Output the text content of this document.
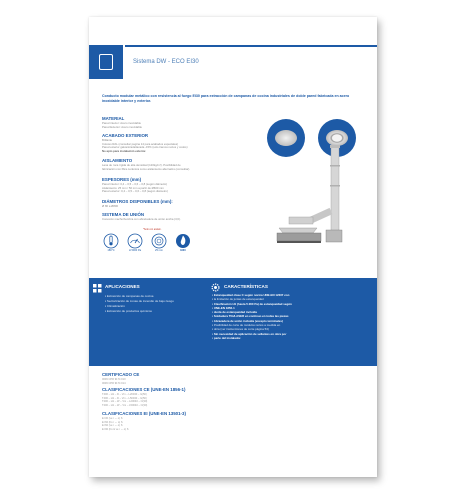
Sistema DW - ECO EI30
Conducto modular metálico con resistencia al fuego EI30 para extracción de campanas de cocina industriales de doble pared fabricada en acero inoxidable interior y exterior.
MATERIAL
Pared interior: Acero inoxidable
Pared Exterior: Acero inoxidable
ACABADO EXTERIOR
Brillante
Colores RAL (consultar pagina 14 para acabados especiales)
Pared exterior galvanizada/lacada -15% (solo tramos rectos y codos)
No apto para instalación exterior.
AISLAMIENTO
Lana de roca rígida de alta densidad (120kg/m³). Posibilidad de
fabricación con fibra cerámica como aislamiento alternativo (consultar).
ESPESORES (mm)
Pared interior: 0,4 – 0,5 – 0,6 – 0,8 (según diámetro)
Aislamiento: 25 mm / 50 mm a partir de Ø600 mm
Pared exterior: 0,4 – 0,5 – 0,6 – 0,8 (según diámetro)
DIÁMETROS DISPONIBLES (mm):
Ø 80 a Ø800
SISTEMA DE UNIÓN
Conexión macho/hembra con abrazadera de unión ancha (3,6).
*Solo con aislam.
180°C	H 5000 Pa	25 mm	EI30
APLICACIONES
▪ Extracción de campanas de cocina
▪ Sectorización de zonas de incendio de bajo riesgo
▪ Climatización
▪ Extracción de productos químicos
CARACTERÍSTICAS
▪ Estanqueidad clase C según norma UNE-EN 12237 con
▪ la limitación de juntas de estanqueidad
▪ Clasificación H1 (hasta 5.000 Pa) de estanqueidad según
▪ UNE-EN 1856-1
▪ Junta de estanqueidad incluida
▪ Soldadura TIG/LASER en continuo en todas las piezas
▪ Abrazadera de unión incluida (excepto terminales)
▪ Posibilidad de corte de módulos rectos a medida en
▪ obra (ver instrucciones de corte página 53)
▪ Sin necesidad de aplicación de sellantes en obra por
▪ parte del instalador.
CERTIFICADO CE
0036 CPR 9174 010
0036 CPR 9174 014
CLASIFICACIONES CE (UNE-EN 1856-1)
T400 – H1 – D – Vm – L20040 – G(50)
T400 – H1 – D – Vm – L50040 – G(50)
T200 – H1 – W – Vm – L20040 – O(30)
T200 – H1 – W – Vm – L50040 – O(30)
CLASIFICACIONES EI (UNE-EN 13501-3)
EI 30 (ve i ↔ o) S
EI 60 (ho i ↔ o) S
EI 60 (ve i ↔ o) S
EI 90 (ho & ve i ↔ o) S
